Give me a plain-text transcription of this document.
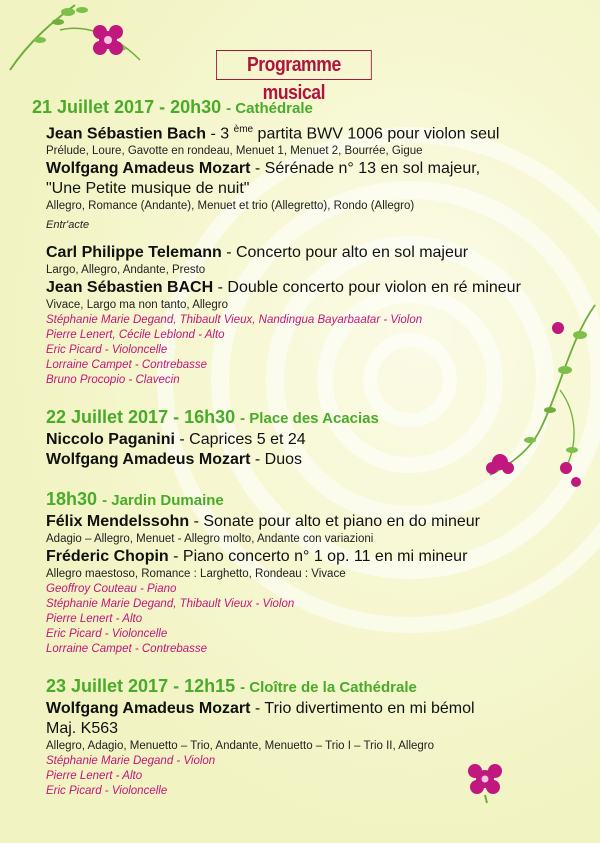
Programme musical
21 Juillet 2017 - 20h30 - Cathédrale
Jean Sébastien Bach - 3 $^{ème}$ partita BWV 1006 pour violon seul
Prélude, Loure, Gavotte en rondeau, Menuet 1, Menuet 2, Bourrée, Gigue
Wolfgang Amadeus Mozart - Sérénade n° 13 en sol majeur,
"Une Petite musique de nuit"
Allegro, Romance (Andante), Menuet et trio (Allegretto), Rondo (Allegro)
Entr'acte
Carl Philippe Telemann - Concerto pour alto en sol majeur
Largo, Allegro, Andante, Presto
Jean Sébastien BACH - Double concerto pour violon en ré mineur
Vivace, Largo ma non tanto, Allegro
Stéphanie Marie Degand, Thibault Vieux, Nandingua Bayarbaatar - Violon
Pierre Lenert, Cécile Leblond - Alto
Eric Picard - Violoncelle
Lorraine Campet - Contrebasse
Bruno Procopio - Clavecin
22 Juillet 2017 - 16h30 - Place des Acacias
Niccolo Paganini - Caprices 5 et 24
Wolfgang Amadeus Mozart - Duos
18h30 - Jardin Dumaine
Félix Mendelssohn - Sonate pour alto et piano en do mineur
Adagio – Allegro, Menuet - Allegro molto, Andante con variazioni
Fréderic Chopin - Piano concerto n° 1 op. 11 en mi mineur
Allegro maestoso, Romance : Larghetto, Rondeau : Vivace
Geoffroy Couteau - Piano
Stéphanie Marie Degand, Thibault Vieux - Violon
Pierre Lenert - Alto
Eric Picard - Violoncelle
Lorraine Campet - Contrebasse
23 Juillet 2017 - 12h15 - Cloître de la Cathédrale
Wolfgang Amadeus Mozart - Trio divertimento en mi bémol
Maj. K563
Allegro, Adagio, Menuetto – Trio, Andante, Menuetto – Trio I – Trio II, Allegro
Stéphanie Marie Degand - Violon
Pierre Lenert - Alto
Eric Picard - Violoncelle
